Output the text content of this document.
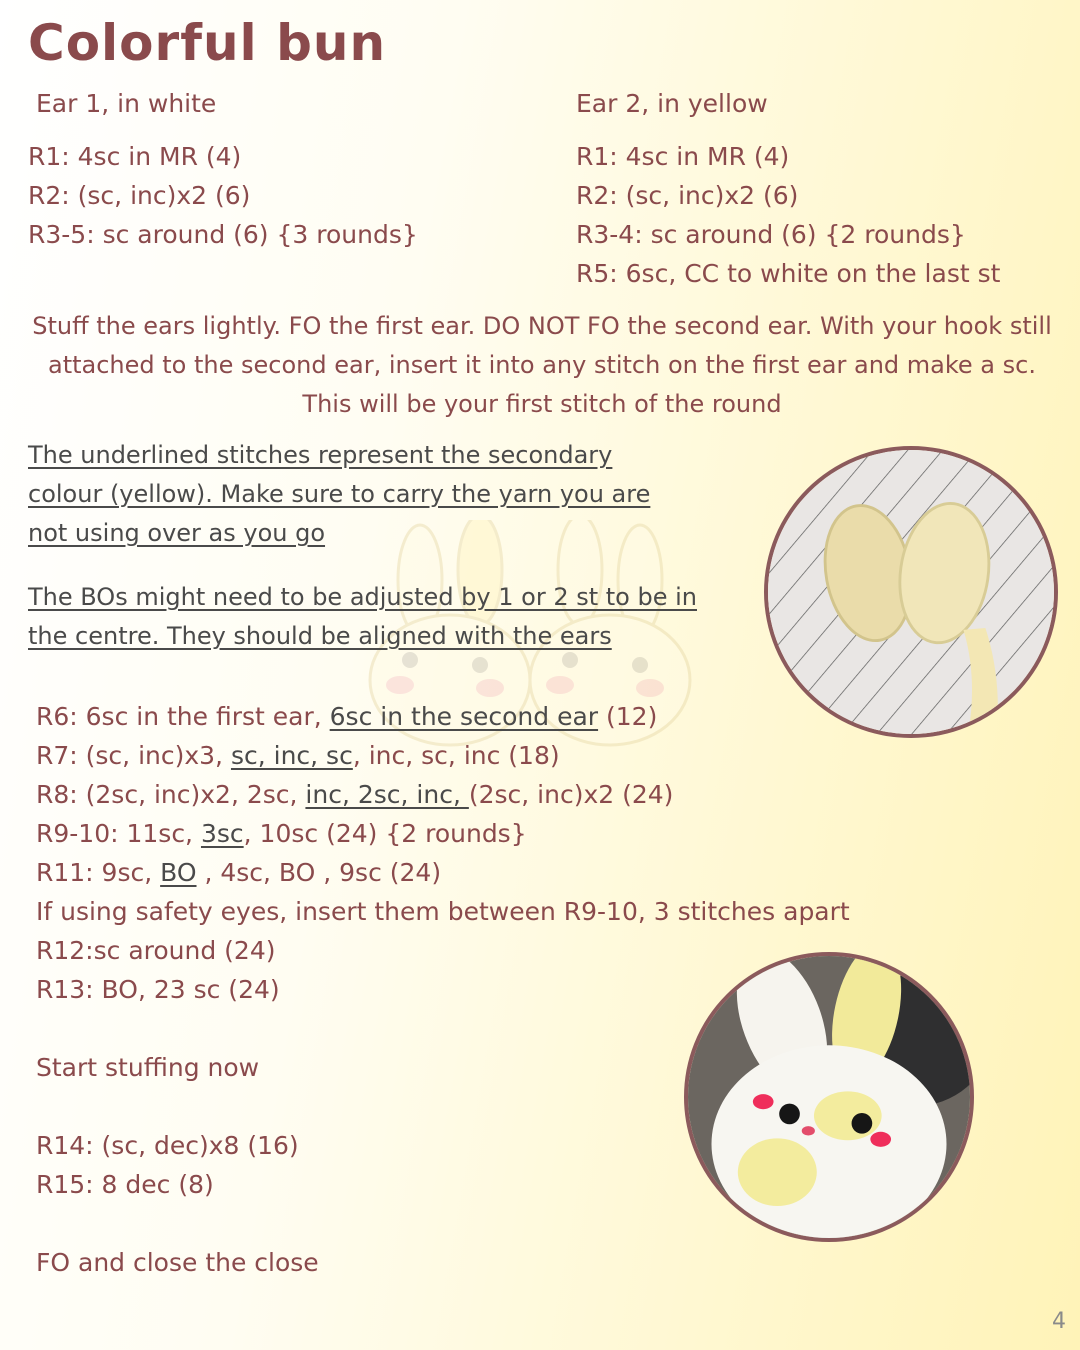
Colorful bun
Ear 1, in white
R1: 4sc in MR (4)
R2: (sc, inc)x2 (6)
R3-5: sc around (6) {3 rounds}
Ear 2, in yellow
R1: 4sc in MR (4)
R2: (sc, inc)x2 (6)
R3-4: sc around (6) {2 rounds}
R5: 6sc, CC to white on the last st
Stuff the ears lightly. FO the first ear. DO NOT FO the second ear. With your hook still attached to the second ear, insert it into any stitch on the first ear and make a sc. This will be your first stitch of the round
The underlined stitches represent the secondary colour (yellow). Make sure to carry the yarn you are not using over as you go
The BOs might need to be adjusted by 1 or 2 st to be in the centre. They should be aligned with the ears
R6: 6sc in the first ear, 6sc in the second ear (12)
R7: (sc, inc)x3, sc, inc, sc, inc, sc, inc (18)
R8: (2sc, inc)x2, 2sc, inc, 2sc, inc, (2sc, inc)x2 (24)
R9-10: 11sc, 3sc, 10sc (24) {2 rounds}
R11: 9sc, BO , 4sc, BO , 9sc (24)
If using safety eyes, insert them between R9-10, 3 stitches apart
R12:sc around (24)
R13: BO, 23 sc (24)
Start stuffing now
R14: (sc, dec)x8 (16)
R15: 8 dec (8)
FO and close the close
4
